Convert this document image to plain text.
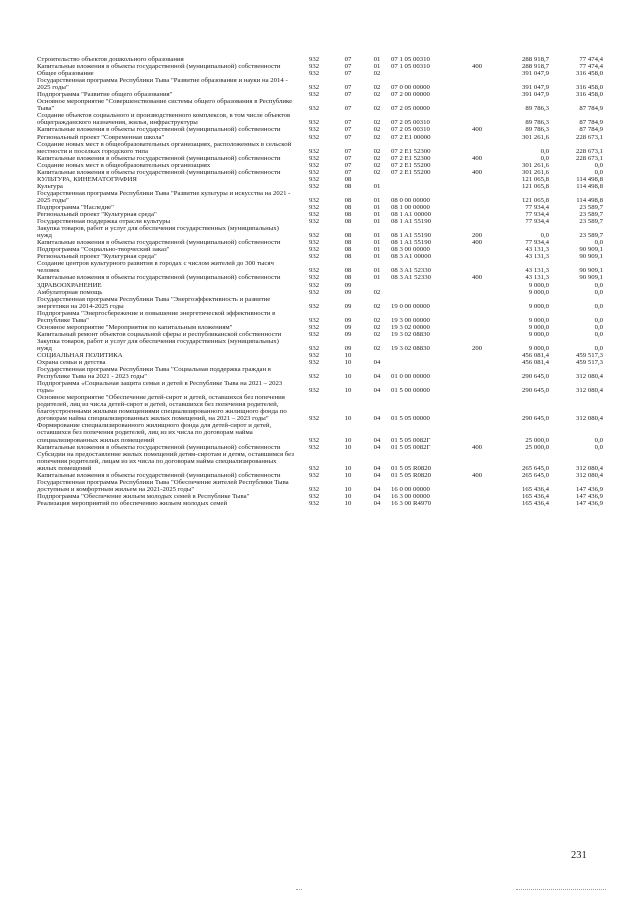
Строительство объектов дошкольного образования	932	07	01	07 1 05 00310		288 918,7	77 474,4
Капитальные вложения в объекты государственной (муниципальной) собственности	932	07	01	07 1 05 00310	400	288 918,7	77 474,4
Общее образование	932	07	02			391 047,9	316 458,0
Государственная программа Республики Тыва "Развитие образования и науки на 2014 - 2025 годы"	932	07	02	07 0 00 00000		391 047,9	316 458,0
Подпрограмма "Развитие общего образования"	932	07	02	07 2 00 00000		391 047,9	316 458,0
Основное мероприятие "Совершенствование системы общего образования в Республике Тыва"	932	07	02	07 2 05 00000		89 786,3	87 784,9
Создание объектов социального и производственного комплексов, в том числе объектов общегражданского назначения, жилья, инфраструктуры	932	07	02	07 2 05 00310		89 786,3	87 784,9
Капитальные вложения в объекты государственной (муниципальной) собственности	932	07	02	07 2 05 00310	400	89 786,3	87 784,9
Региональный проект "Современная школа"	932	07	02	07 2 E1 00000		301 261,6	228 673,1
Создание новых мест в общеобразовательных организациях, расположенных в сельской местности и поселках городского типа	932	07	02	07 2 E1 52300		0,0	228 673,1
Капитальные вложения в объекты государственной (муниципальной) собственности	932	07	02	07 2 E1 52300	400	0,0	228 673,1
Создание новых мест в общеобразовательных организациях	932	07	02	07 2 E1 55200		301 261,6	0,0
Капитальные вложения в объекты государственной (муниципальной) собственности	932	07	02	07 2 E1 55200	400	301 261,6	0,0
КУЛЬТУРА, КИНЕМАТОГРАФИЯ	932	08				121 065,8	114 498,8
Культура	932	08	01			121 065,8	114 498,8
Государственная программа Республики Тыва "Развитие культуры и искусства на 2021 - 2025 годы"	932	08	01	08 0 00 00000		121 065,8	114 498,8
Подпрограмма "Наследие"	932	08	01	08 1 00 00000		77 934,4	23 589,7
Региональный проект "Культурная среда"	932	08	01	08 1 A1 00000		77 934,4	23 589,7
Государственная поддержка отрасли культуры	932	08	01	08 1 A1 55190		77 934,4	23 589,7
Закупка товаров, работ и услуг для обеспечения государственных (муниципальных) нужд	932	08	01	08 1 A1 55190	200	0,0	23 589,7
Капитальные вложения в объекты государственной (муниципальной) собственности	932	08	01	08 1 A1 55190	400	77 934,4	0,0
Подпрограмма "Социально-творческий заказ"	932	08	01	08 3 00 00000		43 131,3	90 909,1
Региональный проект "Культурная среда"	932	08	01	08 3 A1 00000		43 131,3	90 909,1
Создание центров культурного развития в городах с числом жителей до 300 тысяч человек	932	08	01	08 3 A1 52330		43 131,3	90 909,1
Капитальные вложения в объекты государственной (муниципальной) собственности	932	08	01	08 3 A1 52330	400	43 131,3	90 909,1
ЗДРАВООХРАНЕНИЕ	932	09				9 000,0	0,0
Амбулаторная помощь	932	09	02			9 000,0	0,0
Государственная программа Республики Тыва "Энергоэффективность и развитие энергетики на 2014-2025 годы	932	09	02	19 0 00 00000		9 000,0	0,0
Подпрограмма "Энергосбережение и повышение энергетической эффективности в Республике Тыва"	932	09	02	19 3 00 00000		9 000,0	0,0
Основное мероприятие "Мероприятия по капитальным вложениям"	932	09	02	19 3 02 00000		9 000,0	0,0
Капитальный ремонт объектов социальной сферы и республиканской собственности	932	09	02	19 3 02 08830		9 000,0	0,0
Закупка товаров, работ и услуг для обеспечения государственных (муниципальных) нужд	932	09	02	19 3 02 08830	200	9 000,0	0,0
СОЦИАЛЬНАЯ ПОЛИТИКА	932	10				456 081,4	459 517,3
Охрана семьи и детства	932	10	04			456 081,4	459 517,3
Государственная программа Республики Тыва "Социальная поддержка граждан в Республике Тыва на 2021 - 2023 годы"	932	10	04	01 0 00 00000		290 645,0	312 080,4
Подпрограмма «Социальная защита семьи и детей в Республике Тыва на 2021 – 2023 годы»	932	10	04	01 5 00 00000		290 645,0	312 080,4
Основное мероприятие "Обеспечение детей-сирот и детей, оставшихся без попечения родителей, лиц из числа детей-сирот и детей, оставшихся без попечения родителей, благоустроенными жилыми помещениями специализированного жилищного фонда по договорам найма специализированных жилых помещений, на 2021 – 2023 годы"	932	10	04	01 5 05 00000		290 645,0	312 080,4
Формирование специализированного жилищного фонда для детей-сирот и детей, оставшихся без попечения родителей, лиц из их числа по договорам найма специализированных жилых помещений	932	10	04	01 5 05 0082Г		25 000,0	0,0
Капитальные вложения в объекты государственной (муниципальной) собственности	932	10	04	01 5 05 0082Г	400	25 000,0	0,0
Субсидии на предоставление жилых помещений детям-сиротам и детям, оставшимся без попечения родителей, лицам из их числа по договорам найма специализированных жилых помещений	932	10	04	01 5 05 R0820		265 645,0	312 080,4
Капитальные вложения в объекты государственной (муниципальной) собственности	932	10	04	01 5 05 R0820	400	265 645,0	312 080,4
Государственная программа Республики Тыва "Обеспечение жителей Республики Тыва доступным и комфортным жильем на 2021-2025 годы"	932	10	04	16 0 00 00000		165 436,4	147 436,9
Подпрограмма "Обеспечение жильем молодых семей в Республике Тыва"	932	10	04	16 3 00 00000		165 436,4	147 436,9
Реализация мероприятий по обеспечению жильем молодых семей	932	10	04	16 3 00 R4970		165 436,4	147 436,9
231
